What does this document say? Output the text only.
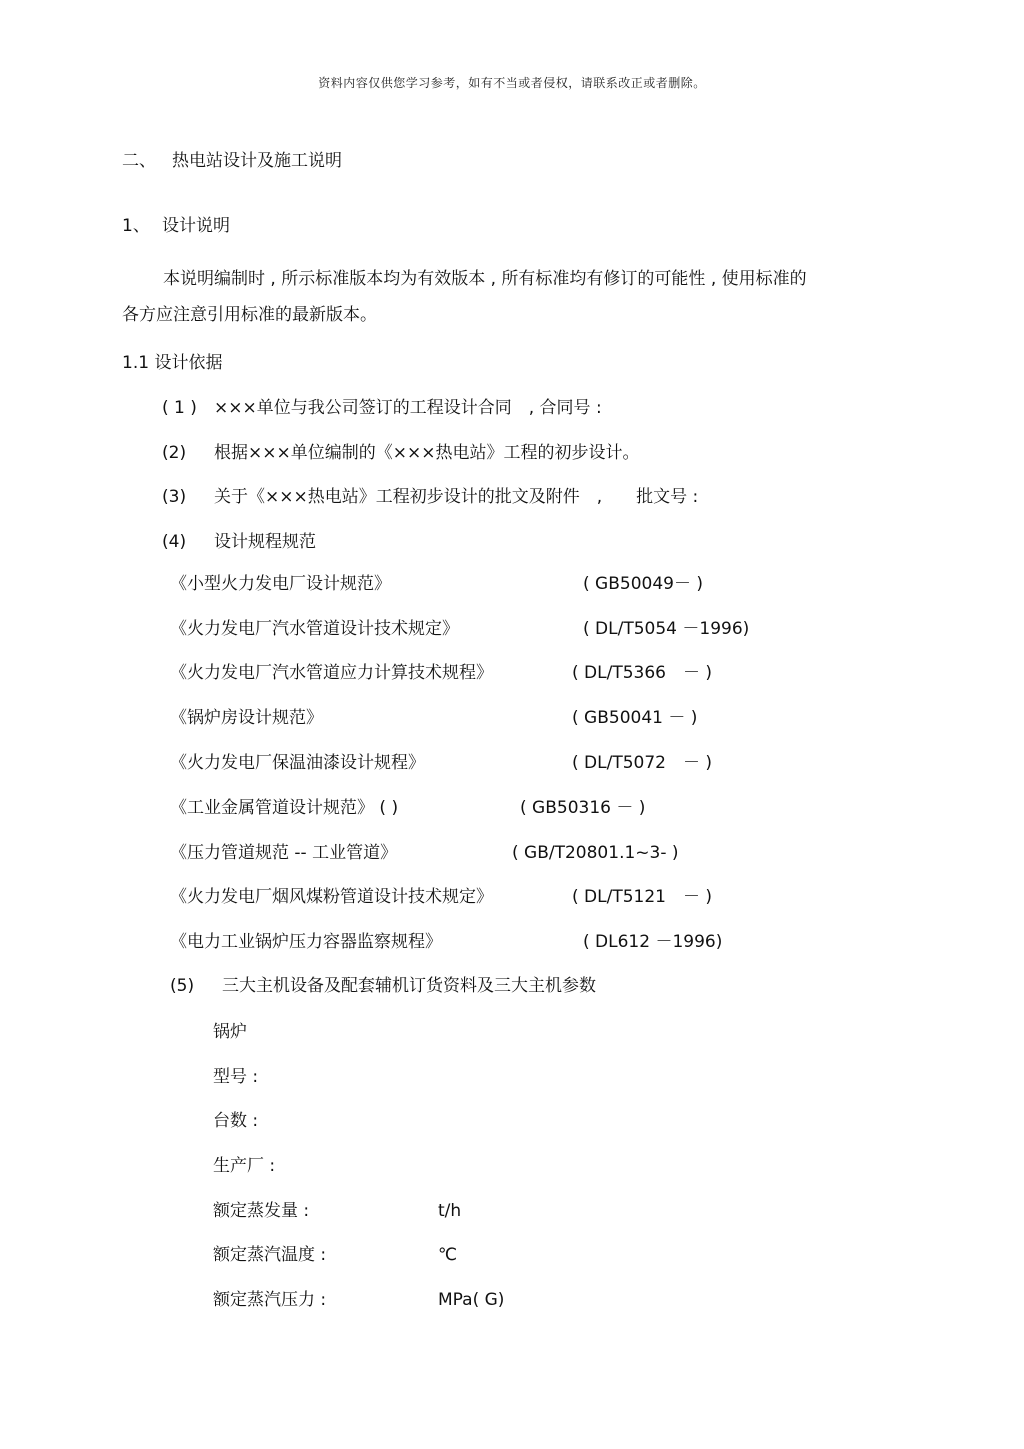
资料内容仅供您学习参考，如有不当或者侵权，请联系改正或者删除。
二、 热电站设计及施工说明
1、 设计说明
本说明编制时 , 所示标准版本均为有效版本 , 所有标准均有修订的可能性 , 使用标准的
各方应注意引用标准的最新版本。
1.1 设计依据
( 1 ) ×××单位与我公司签订的工程设计合同　, 合同号 :
(2) 根据×××单位编制的《×××热电站》工程的初步设计。
(3) 关于《×××热电站》工程初步设计的批文及附件　,　　批文号 :
(4) 设计规程规范
《小型火力发电厂设计规范》	( GB50049－ )
《火力发电厂汽水管道设计技术规定》	( DL/T5054 －1996)
《火力发电厂汽水管道应力计算技术规程》	( DL/T5366　－ )
《锅炉房设计规范》	( GB50041 － )
《火力发电厂保温油漆设计规程》	( DL/T5072　－ )
《工业金属管道设计规范》 ( )	( GB50316 － )
《压力管道规范 -- 工业管道》	( GB/T20801.1~3- )
《火力发电厂烟风煤粉管道设计技术规定》	( DL/T5121　－ )
《电力工业锅炉压力容器监察规程》	( DL612 －1996)
(5) 三大主机设备及配套辅机订货资料及三大主机参数
锅炉
型号 :
台数 :
生产厂 :
额定蒸发量 :	t/h
额定蒸汽温度 :	℃
额定蒸汽压力 :	MPa( G)
